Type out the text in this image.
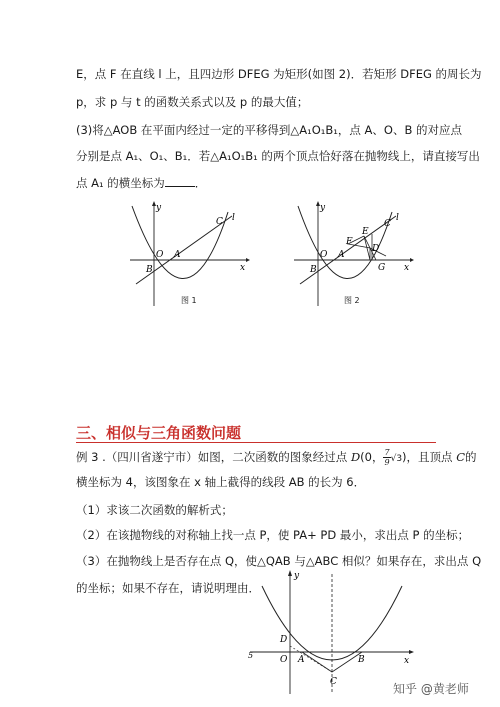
E，点 F 在直线 l 上，且四边形 DFEG 为矩形(如图 2)．若矩形 DFEG 的周长为
p，求 p 与 t 的函数关系式以及 p 的最大值；
(3)将△AOB 在平面内经过一定的平移得到△A₁O₁B₁，点 A、O、B 的对应点
分别是点 A₁、O₁、B₁．若△A₁O₁B₁ 的两个顶点恰好落在抛物线上，请直接写出
点 A₁ 的横坐标为	．
y
x
l
C
O A
B
图 1
y
x
l
C
E
F
D
O A
B	G
图 2
三、相似与三角函数问题
例 3 .（四川省遂宁市）如图，二次函数的图象经过点 D(0， $\frac{7}{9} √3$)，且顶点 C的
横坐标为 4，该图象在 x 轴上截得的线段 AB 的长为 6．
（1）求该二次函数的解析式；
（2）在该抛物线的对称轴上找一点 P，使 PA+ PD 最小，求出点 P 的坐标；
（3）在抛物线上是否存在点 Q，使△QAB 与△ABC 相似？如果存在，求出点 Q
的坐标；如果不存在，请说明理由．
y
x
D
O A	B
C
5
知乎 @黄老师
